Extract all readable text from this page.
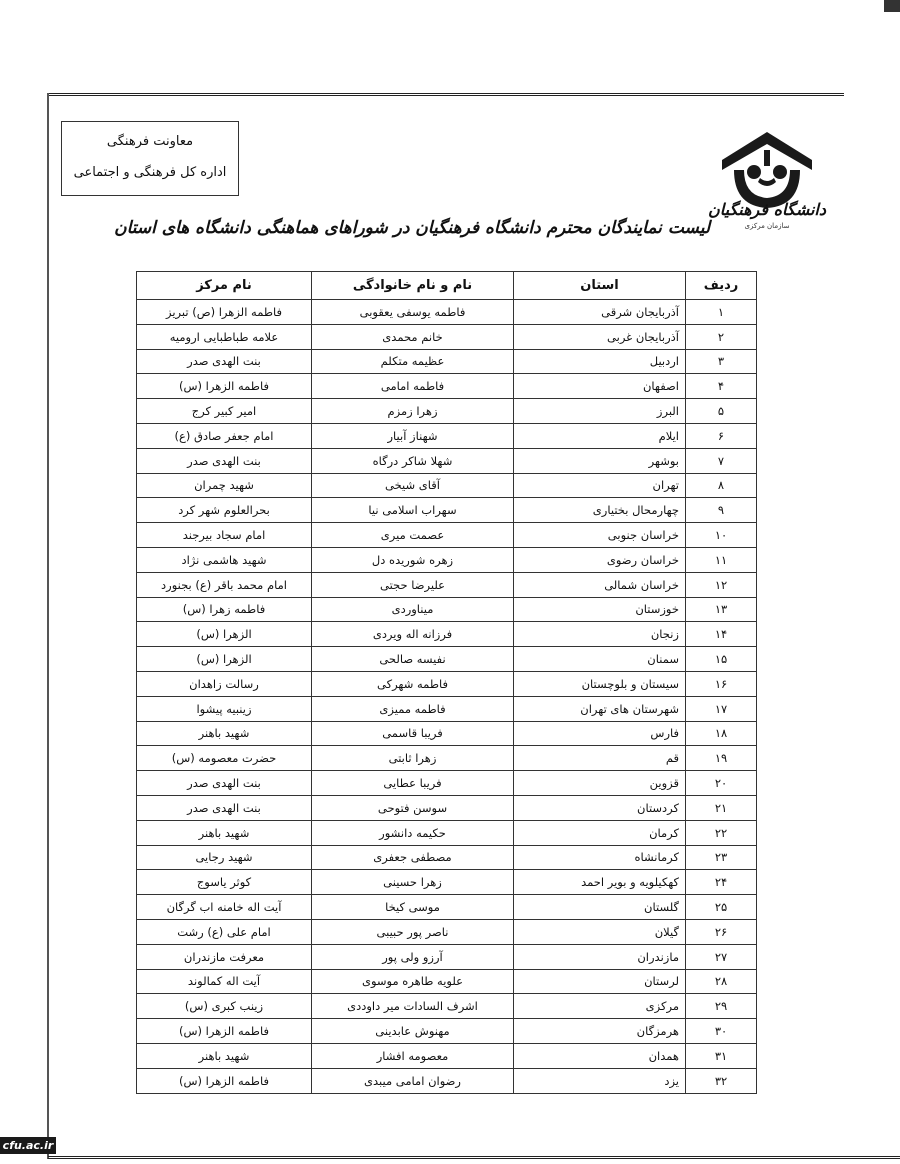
معاونت فرهنگی
اداره کل فرهنگی و اجتماعی
دانشگاه فرهنگیان
سازمان مرکزی
لیست نمایندگان محترم دانشگاه فرهنگیان در شوراهای هماهنگی دانشگاه های استان
ردیف	استان	نام و نام خانوادگی	نام مرکز
۱	آذربایجان شرقی	فاطمه یوسفی یعقوبی	فاطمه الزهرا (ص) تبریز
۲	آذربایجان غربی	خانم محمدی	علامه طباطبایی ارومیه
۳	اردبیل	عظیمه متکلم	بنت الهدی صدر
۴	اصفهان	فاطمه امامی	فاطمه الزهرا (س)
۵	البرز	زهرا زمزم	امیر کبیر کرج
۶	ایلام	شهناز آبیار	امام جعفر صادق (ع)
۷	بوشهر	شهلا شاکر درگاه	بنت الهدی صدر
۸	تهران	آقای شیخی	شهید چمران
۹	چهارمحال بختیاری	سهراب اسلامی نیا	بحرالعلوم شهر کرد
۱۰	خراسان جنوبی	عصمت میری	امام سجاد بیرجند
۱۱	خراسان رضوی	زهره شوریده دل	شهید هاشمی نژاد
۱۲	خراسان شمالی	علیرضا حجتی	امام محمد باقر (ع) بجنورد
۱۳	خوزستان	میناوردی	فاطمه زهرا (س)
۱۴	زنجان	فرزانه اله ویردی	الزهرا (س)
۱۵	سمنان	نفیسه صالحی	الزهرا (س)
۱۶	سیستان و بلوچستان	فاطمه شهرکی	رسالت زاهدان
۱۷	شهرستان های تهران	فاطمه ممیزی	زینبیه پیشوا
۱۸	فارس	فریبا قاسمی	شهید باهنر
۱۹	قم	زهرا ثابتی	حضرت معصومه (س)
۲۰	قزوین	فریبا عطایی	بنت الهدی صدر
۲۱	کردستان	سوسن فتوحی	بنت الهدی صدر
۲۲	کرمان	حکیمه دانشور	شهید باهنر
۲۳	کرمانشاه	مصطفی جعفری	شهید رجایی
۲۴	کهکیلویه و بویر احمد	زهرا حسینی	کوثر یاسوج
۲۵	گلستان	موسی کیخا	آیت اله خامنه اب گرگان
۲۶	گیلان	ناصر پور حبیبی	امام علی (ع) رشت
۲۷	مازندران	آرزو ولی پور	معرفت مازندران
۲۸	لرستان	علویه طاهره موسوی	آیت اله کمالوند
۲۹	مرکزی	اشرف السادات میر داوددی	زینب کبری (س)
۳۰	هرمزگان	مهنوش عابدینی	فاطمه الزهرا (س)
۳۱	همدان	معصومه افشار	شهید باهنر
۳۲	یزد	رضوان امامی میبدی	فاطمه الزهرا (س)
cfu.ac.ir
